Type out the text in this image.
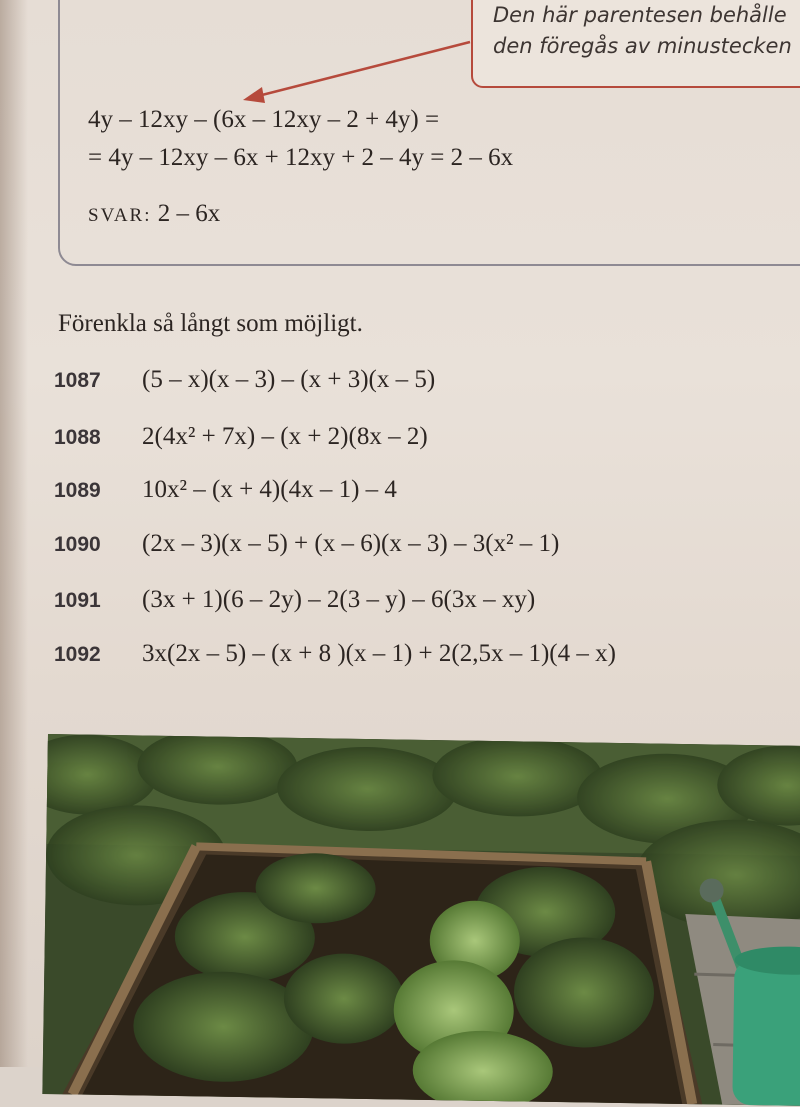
Den här parentesen behålle
den föregås av minustecken
4y – 12xy – (6x – 12xy – 2 + 4y) =
= 4y – 12xy – 6x + 12xy + 2 – 4y = 2 – 6x
SVAR: 2 – 6x
Förenkla så långt som möjligt.
1087	(5 – x)(x – 3) – (x + 3)(x – 5)
1088	2(4x² + 7x) – (x + 2)(8x – 2)
1089	10x² – (x + 4)(4x – 1) – 4
1090	(2x – 3)(x – 5) + (x – 6)(x – 3) – 3(x² – 1)
1091	(3x + 1)(6 – 2y) – 2(3 – y) – 6(3x – xy)
1092	3x(2x – 5) – (x + 8 )(x – 1) + 2(2,5x – 1)(4 – x)
